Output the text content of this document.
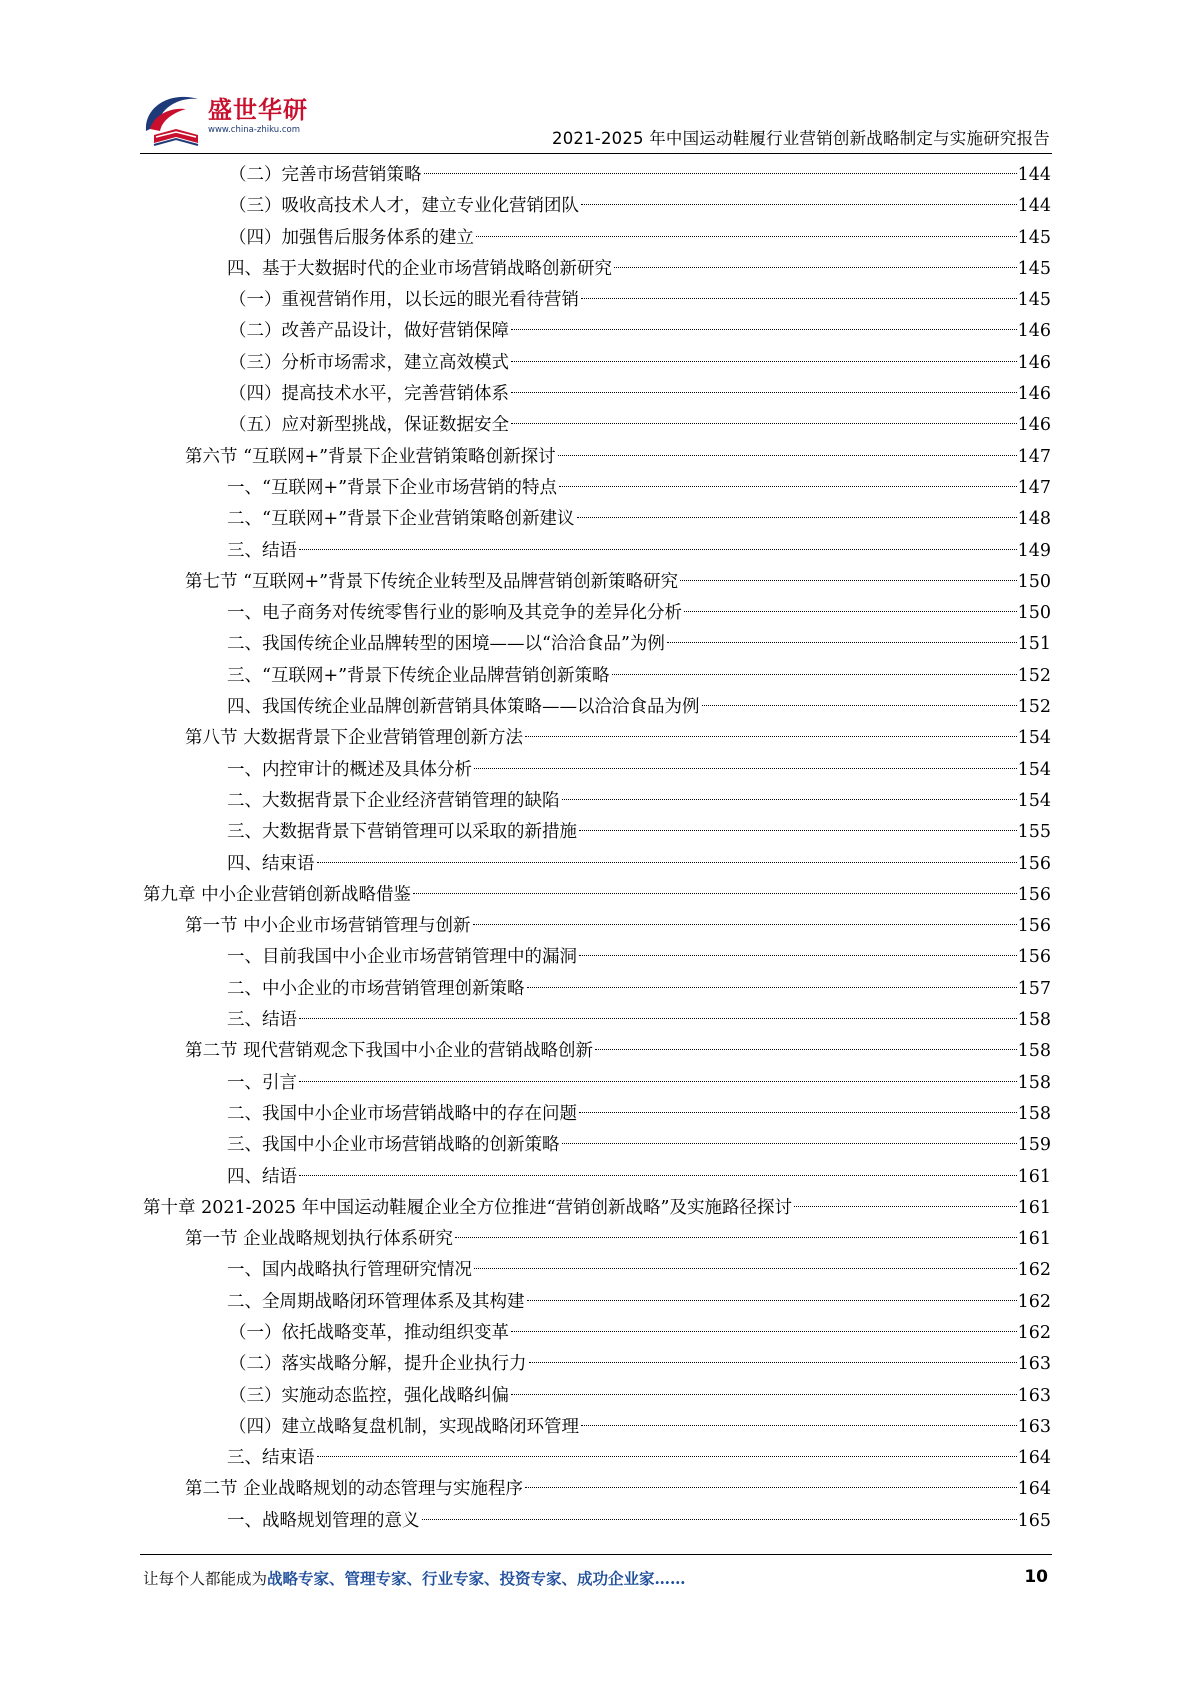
盛世华研
www.china-zhiku.com	2021-2025 年中国运动鞋履行业营销创新战略制定与实施研究报告
（二）完善市场营销策略	144
（三）吸收高技术人才，建立专业化营销团队	144
（四）加强售后服务体系的建立	145
四、基于大数据时代的企业市场营销战略创新研究	145
（一）重视营销作用，以长远的眼光看待营销	145
（二）改善产品设计，做好营销保障	146
（三）分析市场需求，建立高效模式	146
（四）提高技术水平，完善营销体系	146
（五）应对新型挑战，保证数据安全	146
第六节 “互联网+”背景下企业营销策略创新探讨	147
一、“互联网+”背景下企业市场营销的特点	147
二、“互联网+”背景下企业营销策略创新建议	148
三、结语	149
第七节 “互联网+”背景下传统企业转型及品牌营销创新策略研究	150
一、电子商务对传统零售行业的影响及其竞争的差异化分析	150
二、我国传统企业品牌转型的困境——以“洽洽食品”为例	151
三、“互联网+”背景下传统企业品牌营销创新策略	152
四、我国传统企业品牌创新营销具体策略——以洽洽食品为例	152
第八节 大数据背景下企业营销管理创新方法	154
一、内控审计的概述及具体分析	154
二、大数据背景下企业经济营销管理的缺陷	154
三、大数据背景下营销管理可以采取的新措施	155
四、结束语	156
第九章 中小企业营销创新战略借鉴	156
第一节 中小企业市场营销管理与创新	156
一、目前我国中小企业市场营销管理中的漏洞	156
二、中小企业的市场营销管理创新策略	157
三、结语	158
第二节 现代营销观念下我国中小企业的营销战略创新	158
一、引言	158
二、我国中小企业市场营销战略中的存在问题	158
三、我国中小企业市场营销战略的创新策略	159
四、结语	161
第十章 2021-2025 年中国运动鞋履企业全方位推进“营销创新战略”及实施路径探讨	161
第一节 企业战略规划执行体系研究	161
一、国内战略执行管理研究情况	162
二、全周期战略闭环管理体系及其构建	162
（一）依托战略变革，推动组织变革	162
（二）落实战略分解，提升企业执行力	163
（三）实施动态监控，强化战略纠偏	163
（四）建立战略复盘机制，实现战略闭环管理	163
三、结束语	164
第二节 企业战略规划的动态管理与实施程序	164
一、战略规划管理的意义	165
让每个人都能成为战略专家、管理专家、行业专家、投资专家、成功企业家……	10
